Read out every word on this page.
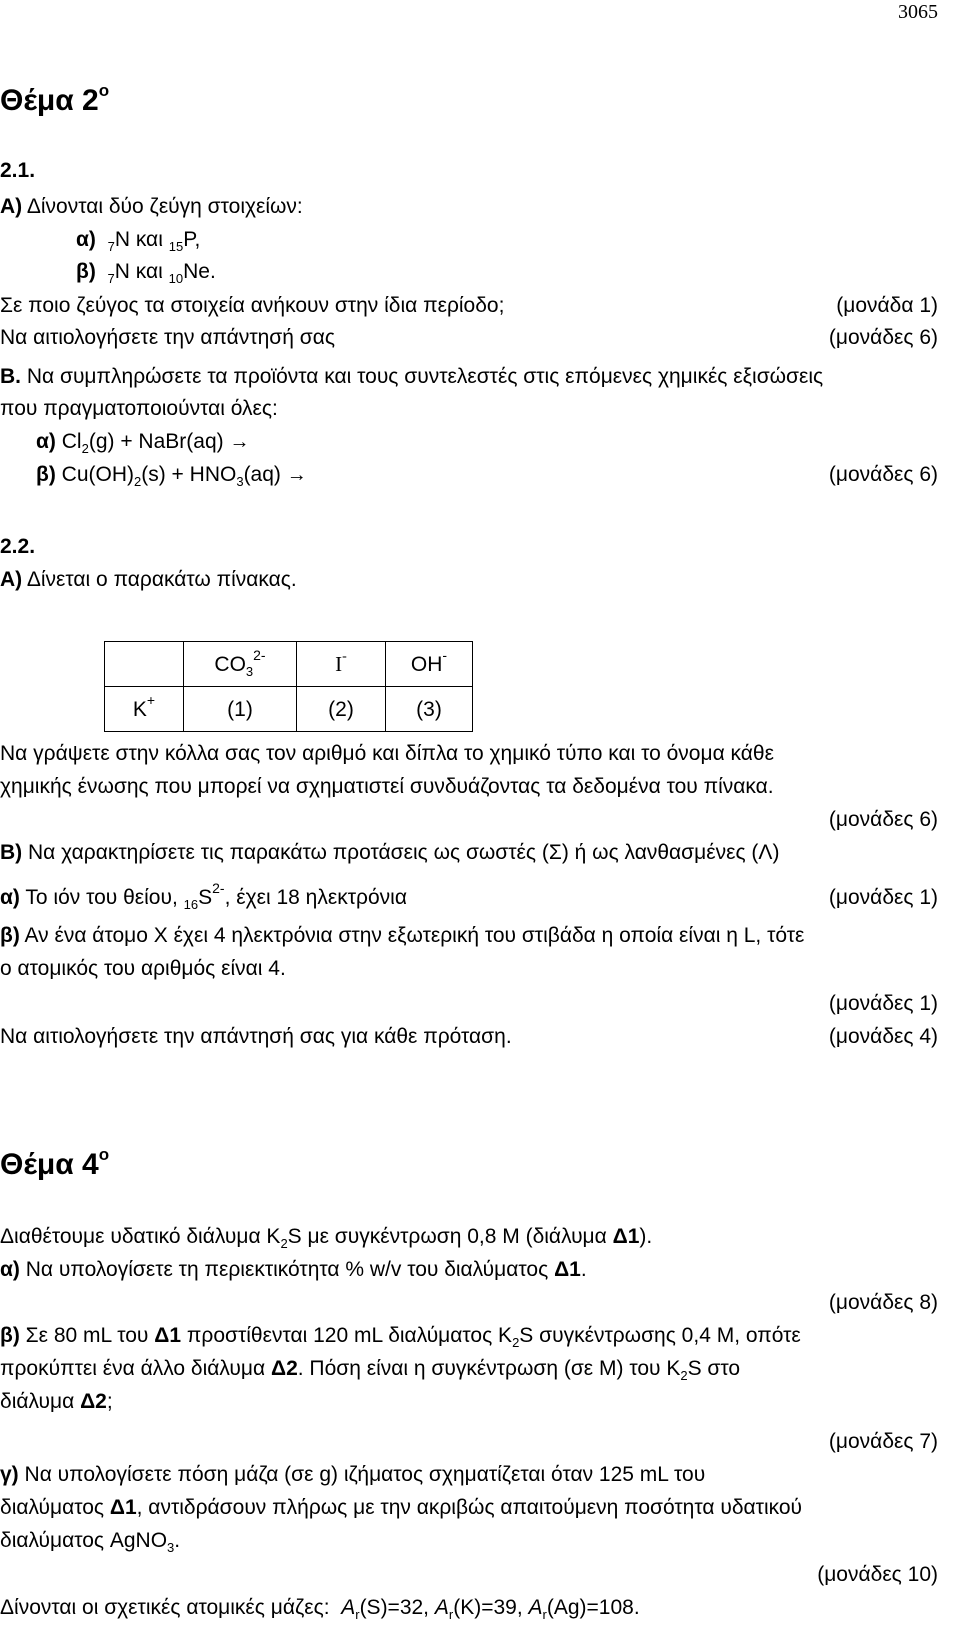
3065
Θέμα $2^o$
2.1.
Α) Δίνονται δύο ζεύγη στοιχείων:
α) $_7$N και $_{15}$P,
β) $_7$N και $_{10}$Ne.
Σε ποιο ζεύγος τα στοιχεία ανήκουν στην ίδια περίοδο;	(μονάδα 1)
Να αιτιολογήσετε την απάντησή σας	(μονάδες 6)
Β. Να συμπληρώσετε τα προϊόντα και τους συντελεστές στις επόμενες χημικές εξισώσεις
που πραγματοποιούνται όλες:
α) $Cl_2(g)$ + NaBr(aq) →
β) $Cu(OH)_2(s) + HNO_3(aq)$ →	(μονάδες 6)
2.2.
Α) Δίνεται ο παρακάτω πίνακας.
	$CO_3^{2-}$	I-	OH-
K+	(1)	(2)	(3)
Να γράψετε στην κόλλα σας τον αριθμό και δίπλα το χημικό τύπο και το όνομα κάθε
χημικής ένωσης που μπορεί να σχηματιστεί συνδυάζοντας τα δεδομένα του πίνακα.
(μονάδες 6)
Β) Να χαρακτηρίσετε τις παρακάτω προτάσεις ως σωστές (Σ) ή ως λανθασμένες (Λ)
α) Το ιόν του θείου, $_{16}S^{2-}$, έχει 18 ηλεκτρόνια	(μονάδες 1)
β) Αν ένα άτομο X έχει 4 ηλεκτρόνια στην εξωτερική του στιβάδα η οποία είναι η L, τότε
ο ατομικός του αριθμός είναι 4.
(μονάδες 1)
Να αιτιολογήσετε την απάντησή σας για κάθε πρόταση.	(μονάδες 4)
Θέμα $4^o$
Διαθέτουμε υδατικό διάλυμα $K_2S$ με συγκέντρωση 0,8 M (διάλυμα Δ1).
α) Να υπολογίσετε τη περιεκτικότητα % w/v του διαλύματος Δ1.
(μονάδες 8)
β) Σε 80 mL του Δ1 προστίθενται 120 mL διαλύματος $K_2S$ συγκέντρωσης 0,4 M, οπότε
προκύπτει ένα άλλο διάλυμα Δ2. Πόση είναι η συγκέντρωση (σε M) του $K_2S$ στο
διάλυμα Δ2;
(μονάδες 7)
γ) Να υπολογίσετε πόση μάζα (σε g) ιζήματος σχηματίζεται όταν 125 mL του
διαλύματος Δ1, αντιδράσουν πλήρως με την ακριβώς απαιτούμενη ποσότητα υδατικού
διαλύματος AgNO$_3$.
(μονάδες 10)
Δίνονται οι σχετικές ατομικές μάζες: $A_r(S)=32$, $A_r(K)=39$, $A_r(Ag)=108$.
